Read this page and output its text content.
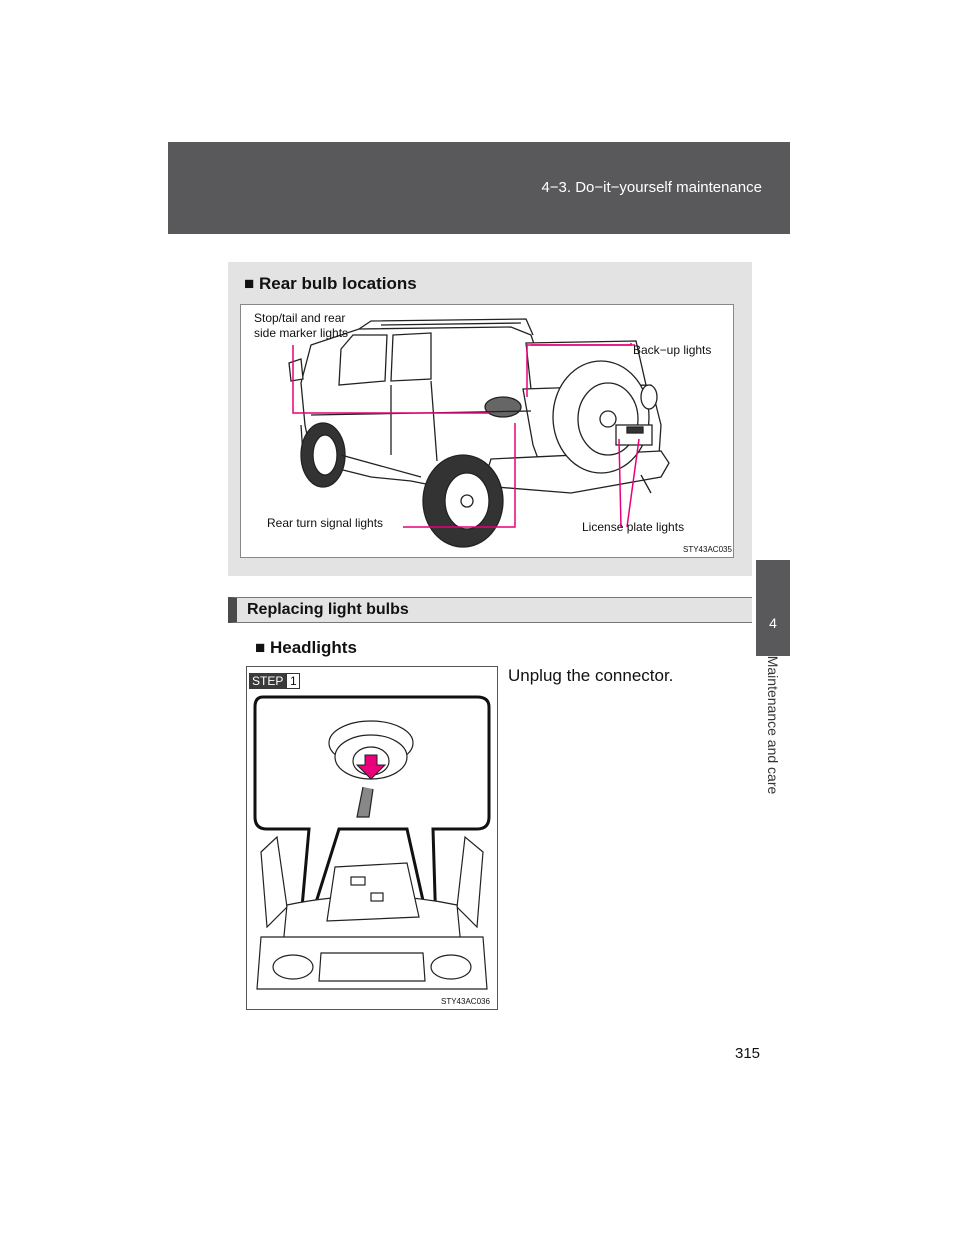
4−3. Do−it−yourself maintenance
4
Maintenance and care
■ Rear bulb locations
Stop/tail and rear
side marker lights
Back−up lights
Rear turn signal lights	License plate lights
STY43AC035
Replacing light bulbs
■ Headlights
STEP 1
STY43AC036
Unplug the connector.
315
